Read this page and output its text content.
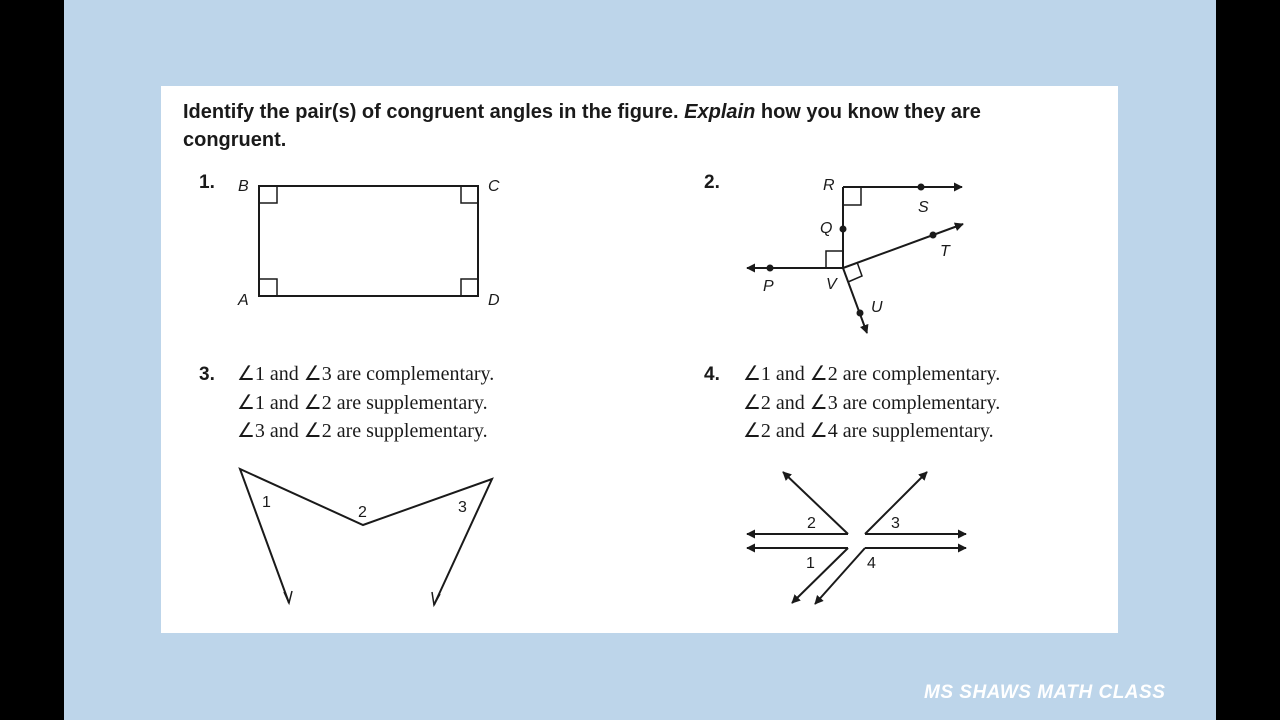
Identify the pair(s) of congruent angles in the figure. Explain how you know they are congruent.

1.	2.
3.	4.
∠1 and ∠3 are complementary.
∠1 and ∠2 are supplementary.
∠3 and ∠2 are supplementary.
∠1 and ∠2 are complementary.
∠2 and ∠3 are complementary.
∠2 and ∠4 are supplementary.
B	C
A	D
R
S
Q
T
P	V
U
1
2	3
2	3
1	4
MS SHAWS MATH CLASS
